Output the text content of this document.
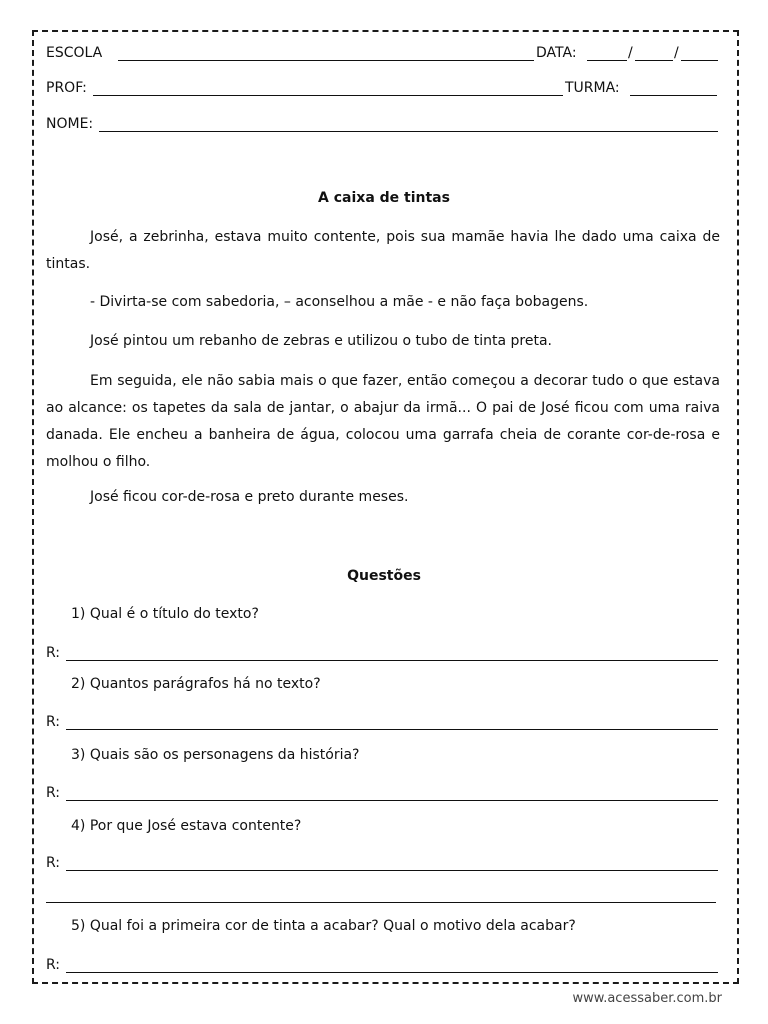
ESCOLA	DATA:	/	/
PROF:	TURMA:
NOME:
A caixa de tintas

José, a zebrinha, estava muito contente, pois sua mamãe havia lhe dado uma caixa de tintas.

- Divirta-se com sabedoria, – aconselhou a mãe - e não faça bobagens.

José pintou um rebanho de zebras e utilizou o tubo de tinta preta.

Em seguida, ele não sabia mais o que fazer, então começou a decorar tudo o que estava ao alcance: os tapetes da sala de jantar, o abajur da irmã... O pai de José ficou com uma raiva danada. Ele encheu a banheira de água, colocou uma garrafa cheia de corante cor-de-rosa e molhou o filho.

José ficou cor-de-rosa e preto durante meses.

Questões
1) Qual é o título do texto?
R:
2) Quantos parágrafos há no texto?
R:
3) Quais são os personagens da história?
R:
4) Por que José estava contente?
R:
5) Qual foi a primeira cor de tinta a acabar? Qual o motivo dela acabar?
R:
www.acessaber.com.br
